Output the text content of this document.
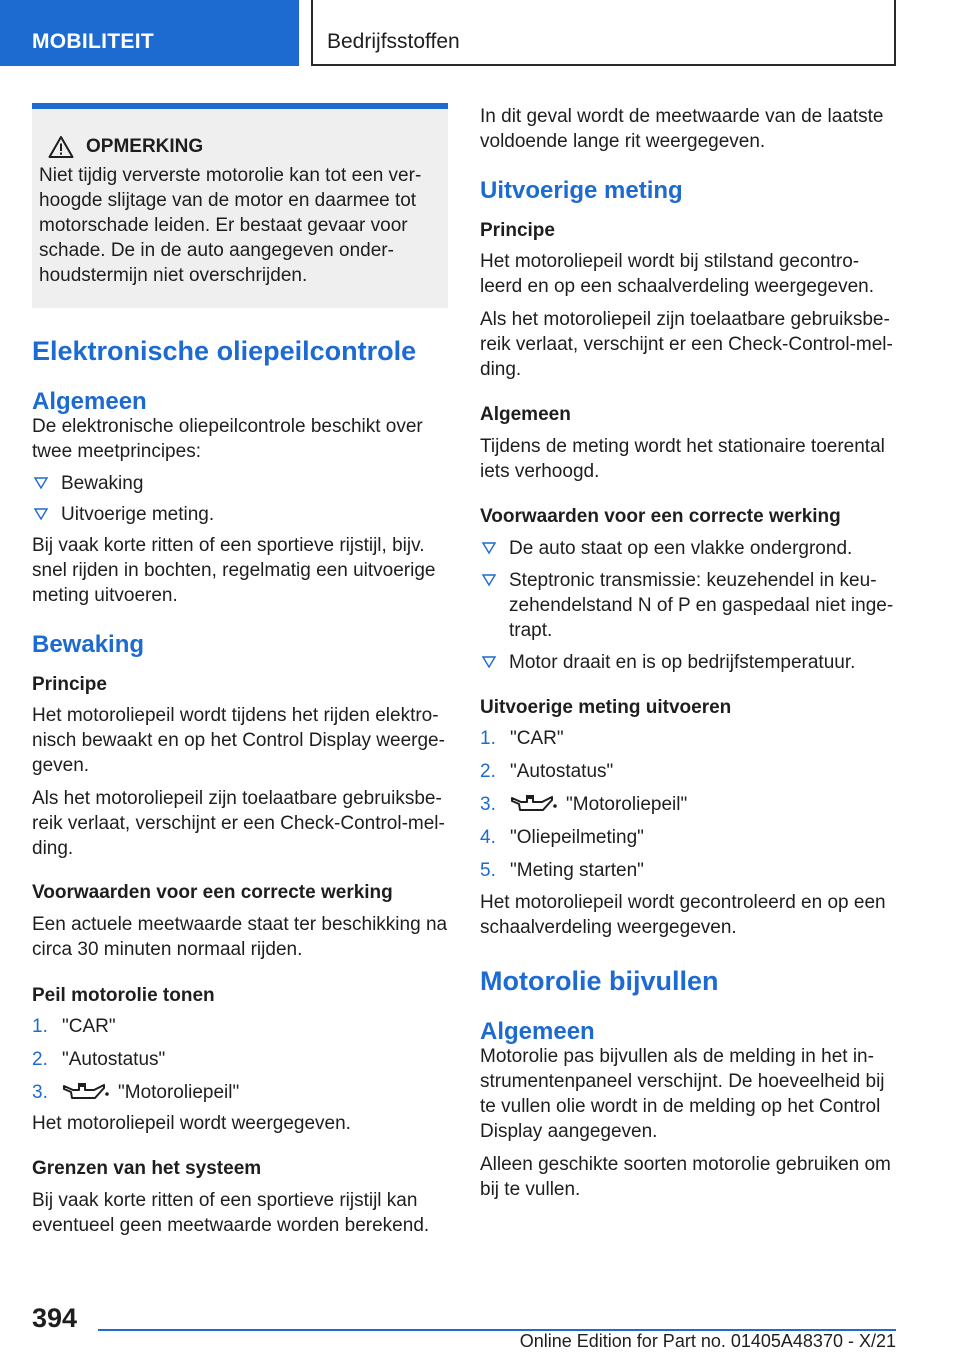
MOBILITEIT	Bedrijfsstoffen
OPMERKING

Niet tijdig ververste motorolie kan tot een ver- hoogde slijtage van de motor en daarmee tot motorschade leiden. Er bestaat gevaar voor schade. De in de auto aangegeven onder- houdstermijn niet overschrijden.

Elektronische oliepeilcontrole
Algemeen

De elektronische oliepeilcontrole beschikt over twee meetprincipes:

Bewaking
Uitvoerige meting.

Bij vaak korte ritten of een sportieve rijstijl, bijv. snel rijden in bochten, regelmatig een uitvoerige meting uitvoeren.

Bewaking
Principe

Het motoroliepeil wordt tijdens het rijden elektro- nisch bewaakt en op het Control Display weerge- geven.

Als het motoroliepeil zijn toelaatbare gebruiksbe- reik verlaat, verschijnt er een Check-Control-mel- ding.

Voorwaarden voor een correcte werking

Een actuele meetwaarde staat ter beschikking na circa 30 minuten normaal rijden.

Peil motorolie tonen
1. "CAR"
2. "Autostatus"
3.	"Motoroliepeil"

Het motoroliepeil wordt weergegeven.

Grenzen van het systeem

Bij vaak korte ritten of een sportieve rijstijl kan eventueel geen meetwaarde worden berekend.

In dit geval wordt de meetwaarde van de laatste voldoende lange rit weergegeven.

Uitvoerige meting
Principe

Het motoroliepeil wordt bij stilstand gecontro- leerd en op een schaalverdeling weergegeven.

Als het motoroliepeil zijn toelaatbare gebruiksbe- reik verlaat, verschijnt er een Check-Control-mel- ding.

Algemeen

Tijdens de meting wordt het stationaire toerental iets verhoogd.

Voorwaarden voor een correcte werking
De auto staat op een vlakke ondergrond.
Steptronic transmissie: keuzehendel in keu- zehendelstand N of P en gaspedaal niet inge- trapt.
Motor draait en is op bedrijfstemperatuur.
Uitvoerige meting uitvoeren
1. "CAR"
2. "Autostatus"
3.	"Motoroliepeil"
4. "Oliepeilmeting"
5. "Meting starten"

Het motoroliepeil wordt gecontroleerd en op een schaalverdeling weergegeven.

Motorolie bijvullen
Algemeen

Motorolie pas bijvullen als de melding in het in- strumentenpaneel verschijnt. De hoeveelheid bij te vullen olie wordt in de melding op het Control Display aangegeven.

Alleen geschikte soorten motorolie gebruiken om bij te vullen.

394
Online Edition for Part no. 01405A48370 - X/21
